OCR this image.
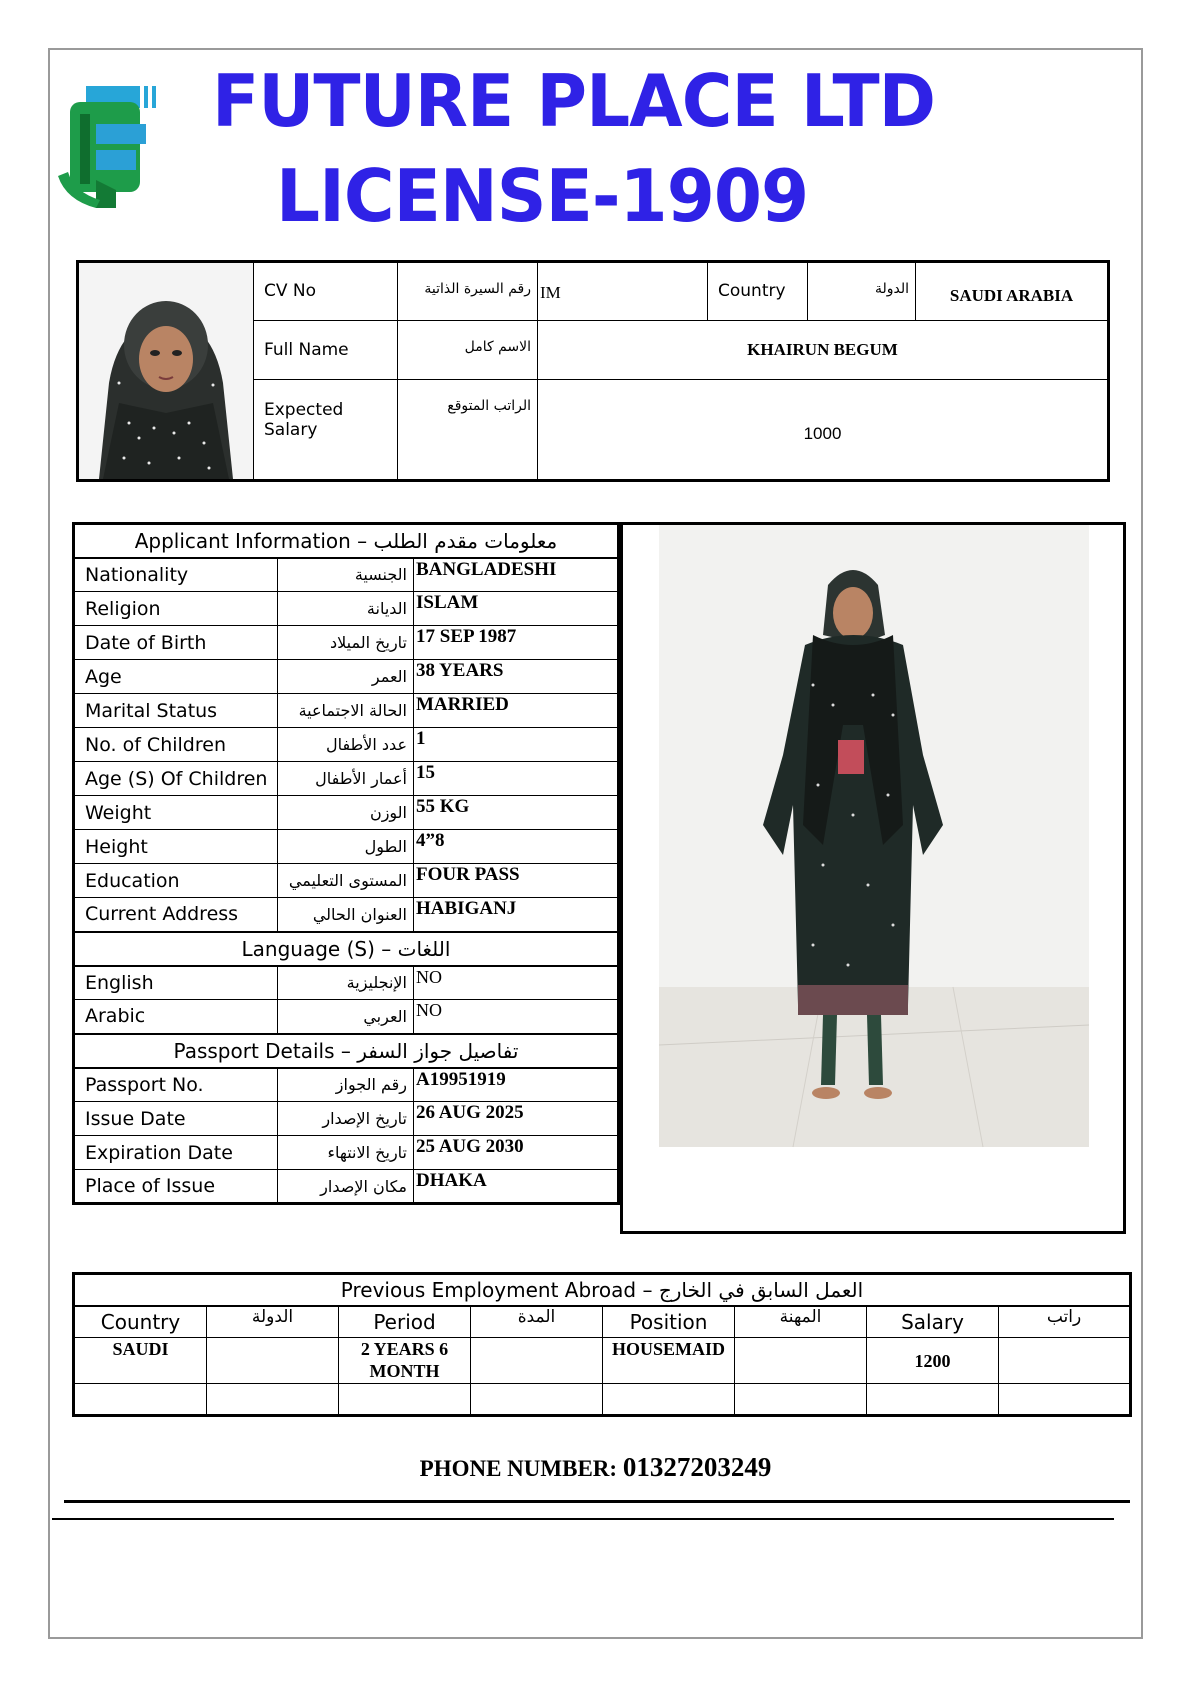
FUTURE PLACE LTD
LICENSE-1909
	CV No	رقم السيرة الذاتية	IM	Country	الدولة	SAUDI ARABIA
	Full Name	الاسم كامل	KHAIRUN BEGUM			
	Expected Salary	الراتب المتوقع	1000			
Applicant Information – معلومات مقدم الطلب		
Nationality	الجنسية	BANGLADESHI
Religion	الديانة	ISLAM
Date of Birth	تاريخ الميلاد	17 SEP 1987
Age	العمر	38 YEARS
Marital Status	الحالة الاجتماعية	MARRIED
No. of Children	عدد الأطفال	1
Age (S) Of Children	أعمار الأطفال	15
Weight	الوزن	55 KG
Height	الطول	4”8
Education	المستوى التعليمي	FOUR PASS
Current Address	العنوان الحالي	HABIGANJ
Language (S) – اللغات		
English	الإنجليزية	NO
Arabic	العربي	NO
Passport Details – تفاصيل جواز السفر		
Passport No.	رقم الجواز	A19951919
Issue Date	تاريخ الإصدار	26 AUG 2025
Expiration Date	تاريخ الانتهاء	25 AUG 2030
Place of Issue	مكان الإصدار	DHAKA
Previous Employment Abroad – العمل السابق في الخارج							
Country	الدولة	Period	المدة	Position	المهنة	Salary	راتب
SAUDI		2 YEARS 6 MONTH		HOUSEMAID		1200	

PHONE NUMBER: 01327203249
